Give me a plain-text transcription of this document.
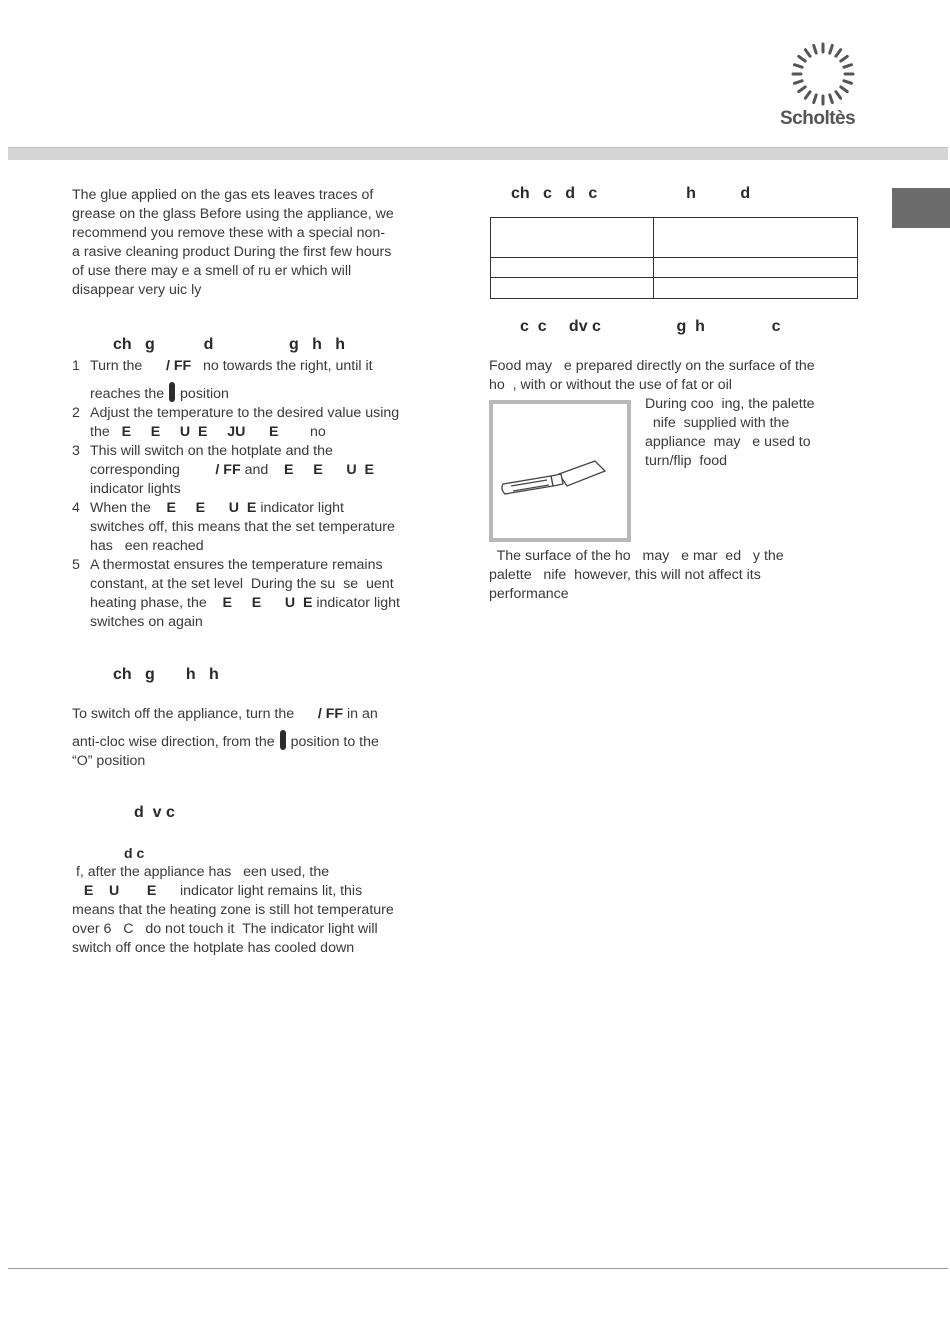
Scholtès

The glue applied on the gas ets leaves traces of

grease on the glass Before using the appliance, we

recommend you remove these with a special non-

a rasive cleaning product During the first few hours

of use there may e a smell of ru er which will

disappear very uic ly

ch   g           d                 g   h   h
1 Turn the / FF no towards the right, until it

reaches the position

2 Adjust the temperature to the desired value using

the E     E     U  E     JU      E no

3 This will switch on the hotplate and the

corresponding / FF and E     E      U  E

indicator lights

4 When the E     E      U  E indicator light

switches off, this means that the set temperature

has   een reached

5 A thermostat ensures the temperature remains

constant, at the set level  During the su  se  uent

heating phase, the E     E      U  E indicator light

switches on again

ch   g       h   h

To switch off the appliance, turn the / FF in an

anti-cloc wise direction, from the position to the

“O” position

d  v c
d c

f, after the appliance has   een used, the

E    U       E indicator light remains lit, this

means that the heating zone is still hot temperature

over 6   C   do not touch it  The indicator light will

switch off once the hotplate has cooled down

ch   c   d   c                    h          d

c  c     dv c                 g  h               c

Food may   e prepared directly on the surface of the

ho  , with or without the use of fat or oil

During coo  ing, the palette

nife  supplied with the

appliance  may   e used to

turn/flip  food

The surface of the ho   may   e mar  ed   y the

palette   nife  however, this will not affect its

performance
